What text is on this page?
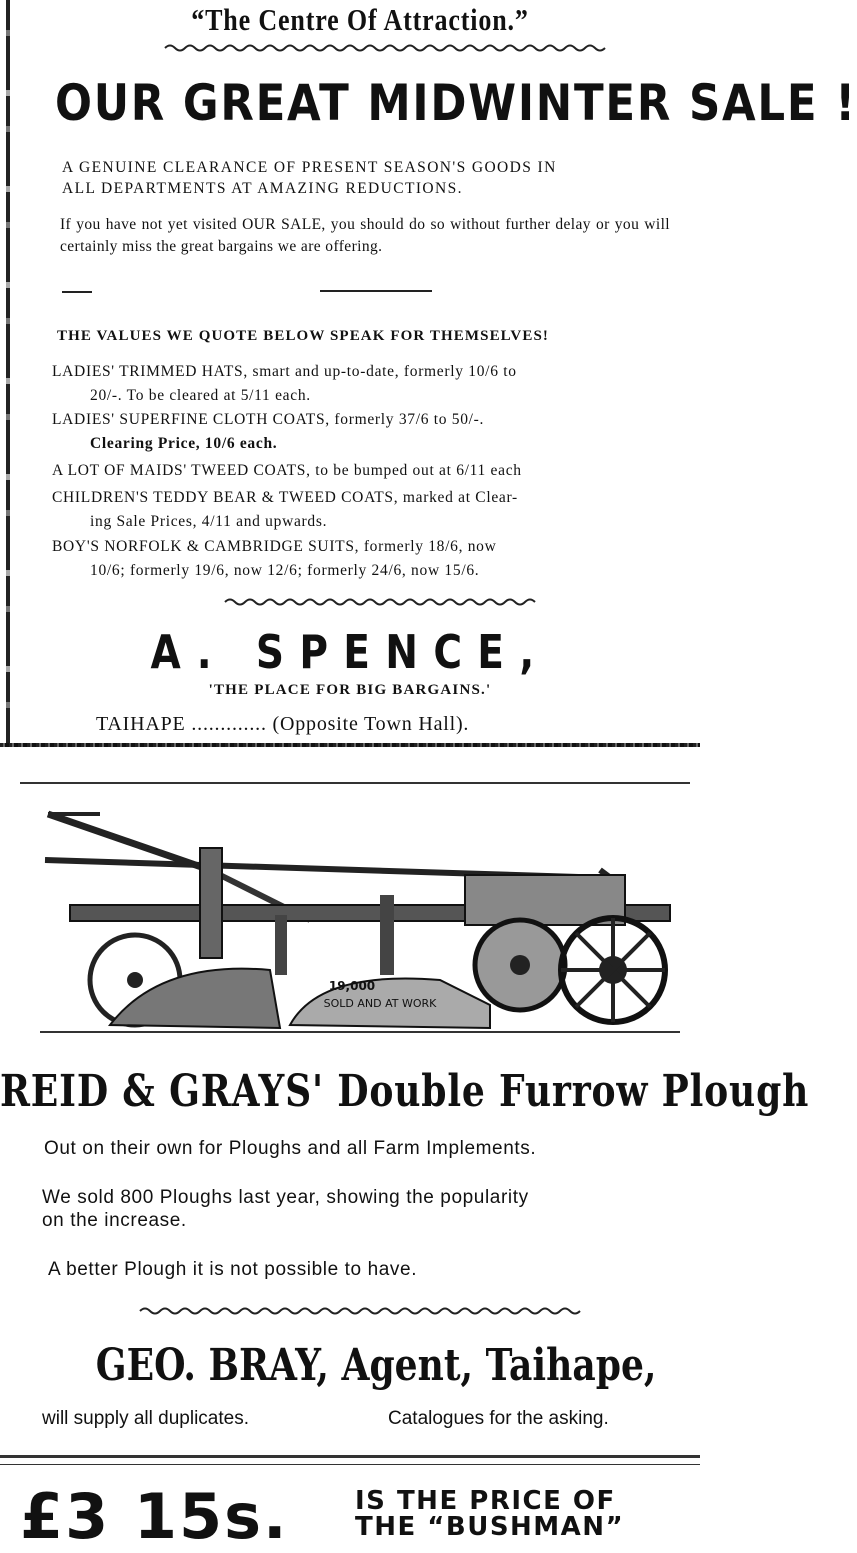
“The Centre Of Attraction.”
OUR GREAT MIDWINTER SALE !
A GENUINE CLEARANCE OF PRESENT SEASON'S GOODS IN
ALL DEPARTMENTS AT AMAZING REDUCTIONS.
If you have not yet visited OUR SALE, you should do so without further delay or you will certainly miss the great bargains we are offering.
THE VALUES WE QUOTE BELOW SPEAK FOR THEMSELVES!
LADIES' TRIMMED HATS, smart and up-to-date, formerly 10/6 to
20/-. To be cleared at 5/11 each.
LADIES' SUPERFINE CLOTH COATS, formerly 37/6 to 50/-.
Clearing Price, 10/6 each.
A LOT OF MAIDS' TWEED COATS, to be bumped out at 6/11 each
CHILDREN'S TEDDY BEAR & TWEED COATS, marked at Clear-
ing Sale Prices, 4/11 and upwards.
BOY'S NORFOLK & CAMBRIDGE SUITS, formerly 18/6, now
10/6; formerly 19/6, now 12/6; formerly 24/6, now 15/6.
A. SPENCE,
'THE PLACE FOR BIG BARGAINS.'
TAIHAPE ............. (Opposite Town Hall).
19,000
SOLD AND AT WORK
REID & GRAYS' Double Furrow Plough
Out on their own for Ploughs and all Farm Implements.
We sold 800 Ploughs last year, showing the popularity
on the increase.
A better Plough it is not possible to have.
GEO. BRAY, Agent, Taihape,
will supply all duplicates.	Catalogues for the asking.
£3 15s.	IS THE PRICE OF
THE “BUSHMAN”
